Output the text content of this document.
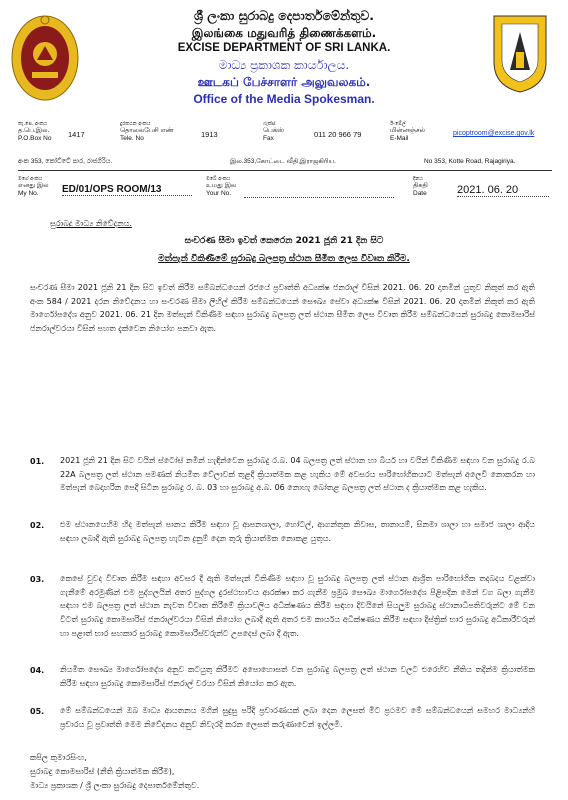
ශ්‍රී ලංකා සුරාබදු දෙපාර්තමේන්තුව.
இலங்கை மதுவரித் திணைக்களம்.
EXCISE DEPARTMENT OF SRI LANKA.
මාධ්‍ය ප්‍රකාශක කාර්යාලය.
ஊடகப் பேச்சாளர் அலுவலகம்.
Office of the Media Spokesman.
තැ.පෙ. අංකය
த.பெ.இல.
P.O.Box No 1417
දුරකථන අංකය
தொலைபேசி எண்
Tele. No	1913
ෆැක්ස්
பெக்ஸ்
Fax	011 20 966 79
ඊ-මේල්
மின்னஞ்சல்
E-Mail
picoptroom@excise.gov.lk
අංක 353, කෝට්ටේ පාර, රාජගිරිය.	இல.353,கோட்டை வீதி,இராஜகிரிய.	No 353, Kotte Road, Rajagiriya.
මගේ අංකය
எனது இல
My No.	ED/01/OPS ROOM/13
ඔබේ අංකය
உமது இல
Your No.
දිනය
திகதி
Date	2021. 06. 20
සුරාබදු මාධ්‍ය නිවේදනය.
සංචරණ සීමා ඉවත් කෙරෙන 2021 ජූනි 21 දින සිට
මත්පැන් විකිණීමේ සුරාබදු බලපත්‍ර ස්ථාන සීමිත ලෙස විවෘත කිරීම.
සංචරණ සීමා 2021 ජූනි 21 දින සිට ඉවත් කිරීම සම්බන්ධයෙන් රජයේ ප්‍රවෘත්ති අධ්‍යක්ෂ ජනරාල් විසින් 2021. 06. 20 දාතමින් යුතුව නිකුත් කර ඇති අංක 584 / 2021 දරන නිවේදනය හා සංචරණ සීමා ලිහිල් කිරීම සම්බන්ධයෙන් සෞඛ්‍ය සේවා අධ්‍යක්ෂ විසින් 2021. 06. 20 දාතමින් නිකුත් කර ඇති මාර්ගෝපදේශ අනුව 2021. 06. 21 දින මත්පැන් විකිණීම සඳහා සුරාබදු බලපත්‍ර ලත් ස්ථාන සීමිත ලෙස විවෘත කිරීම සම්බන්ධයෙන් සුරාබදු කොමසාරිස් ජනරාල්වරයා විසින් පහත දැක්වෙන නියෝග පනවා ඇත.
01. 2021 ජූනි 21 දින සිට වයින් ස්ටෝස් නමින් හැඳින්වෙන සුරාබදු ර.බ. 04 බලපත්‍ර ලත් ස්ථාන හා බියර් හා වයින් විකිණීම සඳහා වන සුරාබදු ර.බ 22A බලපත්‍ර ලත් ස්ථාන පමණක් නියමිත වේලාවක් තුළදී ක්‍රියාත්මක කළ හැකිය මේ අවසරය පාරිභෝගිකයාට මත්පැන් අලෙවි නොකරන හා මත්පැන් බෙදාහරින පෙදී සිටින සුරාබදු ර. බ. 03 හා සුරාබදු අ.බ. 06 නොහැ බෝතළ බලපත්‍ර ලත් ස්ථාන ද ක්‍රියාත්මක කළ හැකිය.
02. එම ස්ථානයෙහිම හිද මත්පැන් පානය කිරීම සඳහා වූ ආපනශාලා, හෝටල්, ආගන්තුක නිවාස, තානායම්, සිනමා ශාලා හා සමාජ ශාලා ආදිය සඳහා ලබාදී ඇති සුරාබදු බලපත්‍ර හැටන ද්‍රනුම් දෙන තුරු ක්‍රියාත්මක නොකළ යුතුය.
03. කෙසේ වුවද විවෘත කිරීම සඳහා අවසර දී ඇති මත්පැන් විකිණීම සඳහා වූ සුරාබදු බලපත්‍ර ලත් ස්ථාන ආශ්‍රිත පාරිභෝගික තදබදය වළක්වා ගැනීමේ අරමුණින් එම පුද්ගලයින් අතර පුද්ගල දුරස්ථභාවය ආරක්ෂා කර ගැනීම ප්‍රමුඛ සෞඛ්‍ය මාර්ගෝපදේශ පිළිපදින මෙන් වග බලා ගැනීම සඳහා එම බලපත්‍ර ලත් ස්ථාන නැවත විවෘත කිරීමේ ක්‍රියාවලිය අධීක්ෂණය කිරීම සඳහා දිවයිනේ සියලුම සුරාබදු ස්ථානාධිපතිවරුන්ට මේ වන විටත් සුරාබදු කොමසාරිස් ජනරාල්වරයා විසින් නියෝග ලබාදී ඇති අතර එම කාර්යය අධීක්ෂණය කිරීම සඳහා දිස්ත්‍රික් භාර සුරාබදු අධිකාරීවරුන් හා පළාත් භාර සහකාර සුරාබදු කොමසාරිස්වරුන්ට උපදෙස් ලබා දී ඇත.
04. නියමිත සෞඛ්‍ය මාර්ගෝපදේශ අනුව කටයුතු කිරීමට අපොහොසත් වන සුරාබදු බලපත්‍ර ලත් ස්ථාන වලට එරෙහිව නීතිය තදින්ම ක්‍රියාත්මක කිරීම සඳහා සුරාබදු කොමසාරිස් ජනරාල් වරයා විසින් නියෝග කර ඇත.
05. මේ සම්බන්ධයෙන් ඔබ මාධ්‍ය ආයතනය මගින් සුදුසු පරිදි ප්‍රචාරණයක් ලබා දෙන ලෙසත් මීට ප්‍රථමව මේ සම්බන්ධයෙන් සමහර මාධ්‍යන්හි ප්‍රචාරය වූ ප්‍රවෘත්ති මෙම නිවේදනය අනුව නිවැරදි කරන ලෙසත් කරුණාවෙන් ඉල්ලමි.
කපිල කුමාරසිංහ,
සුරාබදු කොමසාරිස් (නීති ක්‍රියාත්මක කිරීම),
මාධ්‍ය ප්‍රකාශක / ශ්‍රී ලංකා සුරාබදු දෙපාර්තමේන්තුව.
